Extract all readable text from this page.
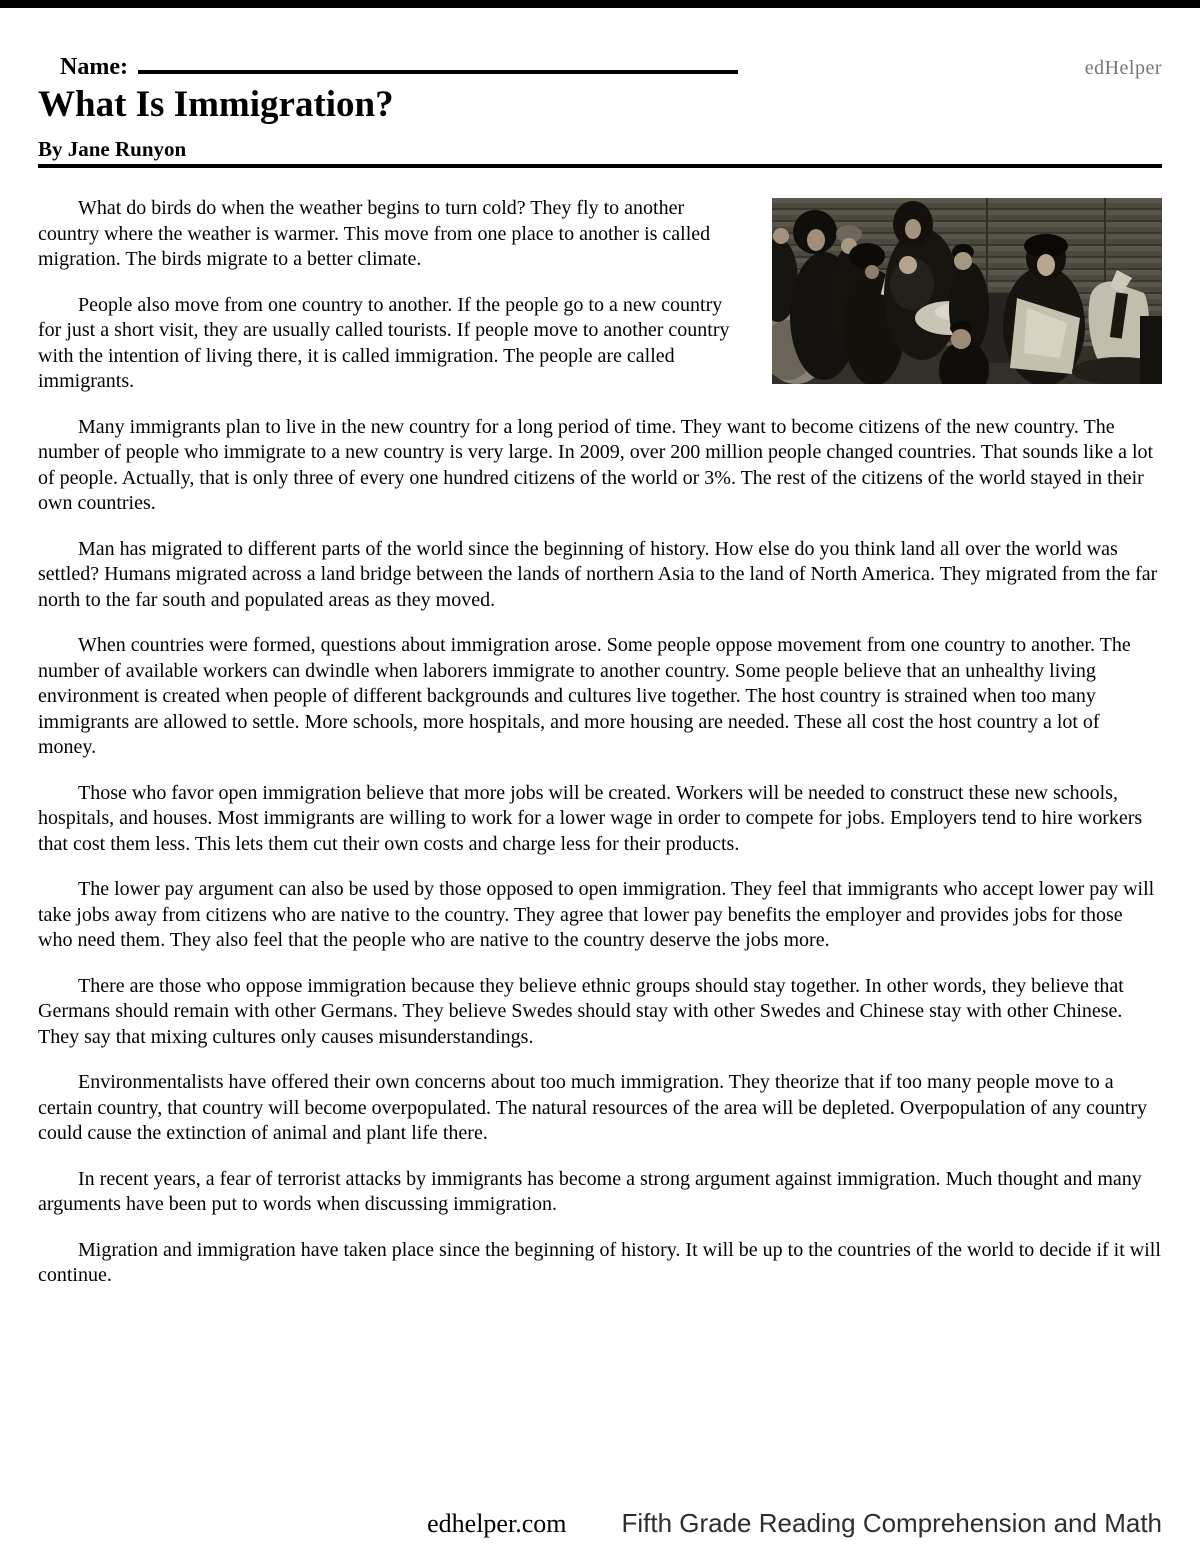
Name:	edHelper
What Is Immigration?
By Jane Runyon

What do birds do when the weather begins to turn cold? They fly to another country where the weather is warmer. This move from one place to another is called migration. The birds migrate to a better climate.

People also move from one country to another. If the people go to a new country for just a short visit, they are usually called tourists. If people move to another country with the intention of living there, it is called immigration. The people are called immigrants.

Many immigrants plan to live in the new country for a long period of time. They want to become citizens of the new country. The number of people who immigrate to a new country is very large. In 2009, over 200 million people changed countries. That sounds like a lot of people. Actually, that is only three of every one hundred citizens of the world or 3%. The rest of the citizens of the world stayed in their own countries.

Man has migrated to different parts of the world since the beginning of history. How else do you think land all over the world was settled? Humans migrated across a land bridge between the lands of northern Asia to the land of North America. They migrated from the far north to the far south and populated areas as they moved.

When countries were formed, questions about immigration arose. Some people oppose movement from one country to another. The number of available workers can dwindle when laborers immigrate to another country. Some people believe that an unhealthy living environment is created when people of different backgrounds and cultures live together. The host country is strained when too many immigrants are allowed to settle. More schools, more hospitals, and more housing are needed. These all cost the host country a lot of money.

Those who favor open immigration believe that more jobs will be created. Workers will be needed to construct these new schools, hospitals, and houses. Most immigrants are willing to work for a lower wage in order to compete for jobs. Employers tend to hire workers that cost them less. This lets them cut their own costs and charge less for their products.

The lower pay argument can also be used by those opposed to open immigration. They feel that immigrants who accept lower pay will take jobs away from citizens who are native to the country. They agree that lower pay benefits the employer and provides jobs for those who need them. They also feel that the people who are native to the country deserve the jobs more.

There are those who oppose immigration because they believe ethnic groups should stay together. In other words, they believe that Germans should remain with other Germans. They believe Swedes should stay with other Swedes and Chinese stay with other Chinese. They say that mixing cultures only causes misunderstandings.

Environmentalists have offered their own concerns about too much immigration. They theorize that if too many people move to a certain country, that country will become overpopulated. The natural resources of the area will be depleted. Overpopulation of any country could cause the extinction of animal and plant life there.

In recent years, a fear of terrorist attacks by immigrants has become a strong argument against immigration. Much thought and many arguments have been put to words when discussing immigration.

Migration and immigration have taken place since the beginning of history. It will be up to the countries of the world to decide if it will continue.

edhelper.com Fifth Grade Reading Comprehension and Math
